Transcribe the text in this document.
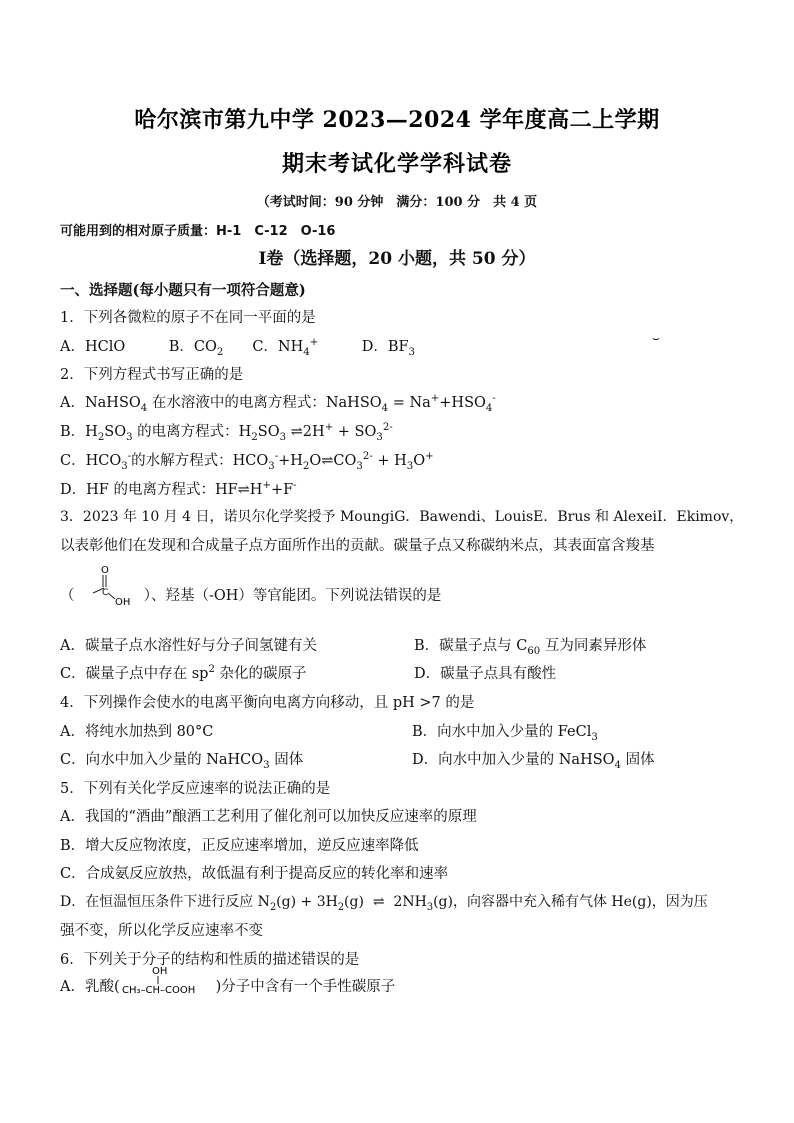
哈尔滨市第九中学 2023—2024 学年度高二上学期
期末考试化学学科试卷
（考试时间：90 分钟　满分：100 分　共 4 页
可能用到的相对原子质量：H-1　C-12　O-16
I卷（选择题，20 小题，共 50 分）
一、选择题(每小题只有一项符合题意)
1．下列各微粒的原子不在同一平面的是
A．HClO　　　B．$CO_2$　　C．$NH_4^+$　　　D．$BF_3$
⌣
2．下列方程式书写正确的是
A．NaHSO$_4$ 在水溶液中的电离方程式：NaHSO$_4$ = $Na^++HSO_4^-$
B．$H_2SO_3$ 的电离方程式：$H_2SO_3$ ⇌2H+ + $SO_3^{2-}$
C．$HCO_3^-$的水解方程式：$HCO_3^-+H_2O\rightleftharpoons CO_3^{2-} + H_3O^+$
D．HF 的电离方程式：HF⇌H++F-
3．2023 年 10 月 4 日，诺贝尔化学奖授予 MoungiG．Bawendi、LouisE．Brus 和 AlexeiI．Ekimov，
以表彰他们在发现和合成量子点方面所作出的贡献。碳量子点又称碳纳米点，其表面富含羧基
（
O
C
OH ）、羟基（-OH）等官能团。下列说法错误的是
A．碳量子点水溶性好与分子间氢键有关	B．碳量子点与 $C_{60}$ 互为同素异形体
C．碳量子点中存在 $sp^2$ 杂化的碳原子	D．碳量子点具有酸性
4．下列操作会使水的电离平衡向电离方向移动，且 pH >7 的是
A．将纯水加热到 80°C	B．向水中加入少量的 FeCl$_3$
C．向水中加入少量的 NaHCO$_3$ 固体	D．向水中加入少量的 NaHSO$_4$ 固体
5．下列有关化学反应速率的说法正确的是
A．我国的“酒曲”酿酒工艺利用了催化剂可以加快反应速率的原理
B．增大反应物浓度，正反应速率增加，逆反应速率降低
C．合成氨反应放热，故低温有利于提高反应的转化率和速率
D．在恒温恒压条件下进行反应 $N_2(g) + 3H_2(g)$  ⇌  $2NH_3(g)$，向容器中充入稀有气体 He(g)，因为压
强不变，所以化学反应速率不变
6．下列关于分子的结构和性质的描述错误的是
A．乳酸(
OH
CH₃–CH–COOH )分子中含有一个手性碳原子
